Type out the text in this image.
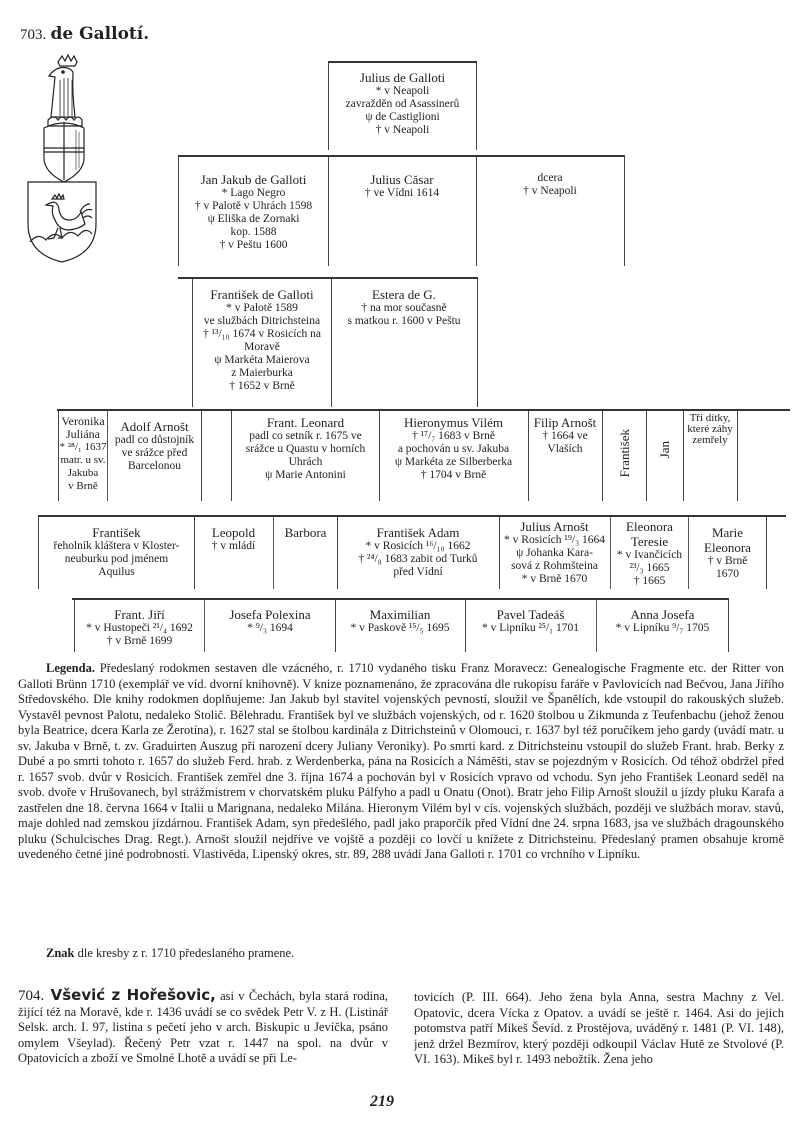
703. de Gallotí.
Julius de Galloti
* v Neapoli
zavražděn od Asassinerů
ψ de Castiglioni
† v Neapoli
Jan Jakub de Galloti
* Lago Negro
† v Palotě v Uhrách 1598
ψ Eliška de Zornaki
kop. 1588
† v Peštu 1600
Julius Căsar
† ve Vídni 1614
dcera
† v Neapoli
František de Galloti
* v Palotě 1589
ve službách Ditrichsteina
† ¹³/₁₀ 1674 v Rosicích na Moravě
ψ Markéta Maierova
z Maierburka
† 1652 v Brně
Estera de G.
† na mor současně
s matkou r. 1600 v Peštu
Veronika Juliána
* ²⁸/₁ 1637
matr. u sv.
Jakuba
v Brně
Adolf Arnošt
padl co důstojník
ve srážce před
Barcelonou
Frant. Leonard
padl co setník r. 1675 ve
srážce u Quastu v horních
Uhrách
ψ Marie Antonini
Hieronymus Vilém
† ¹⁷/₇ 1683 v Brně
a pochován u sv. Jakuba
ψ Markéta ze Silberberka
† 1704 v Brně
Filip Arnošt
† 1664 ve
Vlaších	František	Jan
Tři dítky,
které záhy
zemřely
František
řeholník kláštera v Kloster-
neuburku pod jménem
Aquilus
Leopold
† v mládí
Barbora	František Adam
* v Rosicích ¹⁶/₁₀ 1662
† ²⁴/₈ 1683 zabit od Turků
před Vídní
Julius Arnošt
* v Rosicích ¹⁹/₃ 1664
ψ Johanka Kara-
sová z Rohmšteina
* v Brně 1670
Eleonora Teresie
* v Ivančicích
²³/₃ 1665
† 1665
Marie Eleonora
† v Brně
1670
Frant. Jiří
* v Hustopeči ²¹/₄ 1692
† v Brně 1699
Josefa Polexina
* ⁹/₃ 1694
Maximilian
* v Paskově ¹⁵/₅ 1695
Pavel Tadeáš
* v Lipníku ²⁵/₁ 1701
Anna Josefa
* v Lipníku ⁹/₇ 1705
Legenda. Předeslaný rodokmen sestaven dle vzácného, r. 1710 vydaného tisku Franz Moravecz: Genealogische Fragmente etc. der Ritter von Galloti Brünn 1710 (exemplář ve víd. dvorní knihovně). V knize poznamenáno, že zpracována dle rukopisu faráře v Pavlovicích nad Bečvou, Jana Jiřího Středovského. Dle knihy rodokmen doplňujeme: Jan Jakub byl stavitel vojenských pevností, sloužil ve Španělích, kde vstoupil do rakouských služeb. Vystavěl pevnost Palotu, nedaleko Stolič. Bělehradu. František byl ve službách vojenských, od r. 1620 štolbou u Zikmunda z Teufenbachu (jehož ženou byla Beatrice, dcera Karla ze Žerotína), r. 1627 stal se štolbou kardinála z Ditrichsteinů v Olomouci, r. 1637 byl též poručíkem jeho gardy (uvádí matr. u sv. Jakuba v Brně, t. zv. Graduirten Auszug při narození dcery Juliany Veroniky). Po smrti kard. z Ditrichsteinu vstoupil do služeb Frant. hrab. Berky z Dubé a po smrti tohoto r. 1657 do služeb Ferd. hrab. z Werdenberka, pána na Rosicích a Náměšti, stav se pojezdným v Rosicích. Od téhož obdržel před r. 1657 svob. dvůr v Rosicích. František zemřel dne 3. října 1674 a pochován byl v Rosicích vpravo od vchodu. Syn jeho František Leonard seděl na svob. dvoře v Hrušovanech, byl strážmistrem v chorvatském pluku Pálfyho a padl u Onatu (Onot). Bratr jeho Filip Arnošt sloužil u jízdy pluku Karafa a zastřelen dne 18. června 1664 v Italii u Marignana, nedaleko Milána. Hieronym Vilém byl v cís. vojenských službách, později ve službách morav. stavů, maje dohled nad zemskou jízdárnou. František Adam, syn předešlého, padl jako praporčík před Vídní dne 24. srpna 1683, jsa ve službách dragounského pluku (Schulcisches Drag. Regt.). Arnošt sloužil nejdříve ve vojště a později co lovčí u knížete z Ditrichsteinu. Předeslaný pramen obsahuje kromě uvedeného četné jiné podrobnosti. Vlastivěda, Lipenský okres, str. 89, 288 uvádí Jana Galloti r. 1701 co vrchního v Lipníku.
Znak dle kresby z r. 1710 předeslaného pramene.
704. Všević z Hořešovic, asi v Čechách, byla stará rodina, žijící též na Moravě, kde r. 1436 uvádí se co svědek Petr V. z H. (Listinář Selsk. arch. I. 97, listina s pečetí jeho v arch. Biskupic u Jevíčka, psáno omylem Všeylad). Řečený Petr vzat r. 1447 na spol. na dvůr v Opatovicích a zboží ve Smolné Lhotě a uvádí se při Le-
tovicích (P. III. 664). Jeho žena byla Anna, sestra Machny z Vel. Opatovic, dcera Vícka z Opatov. a uvádí se ještě r. 1464. Asi do jejich potomstva patří Mikeš Ševíd. z Prostějova, uváděný r. 1481 (P. VI. 148), jenž držel Bezmírov, který později odkoupil Václav Hutě ze Stvolové (P. VI. 163). Mikeš byl r. 1493 nebožtík. Žena jeho
219
